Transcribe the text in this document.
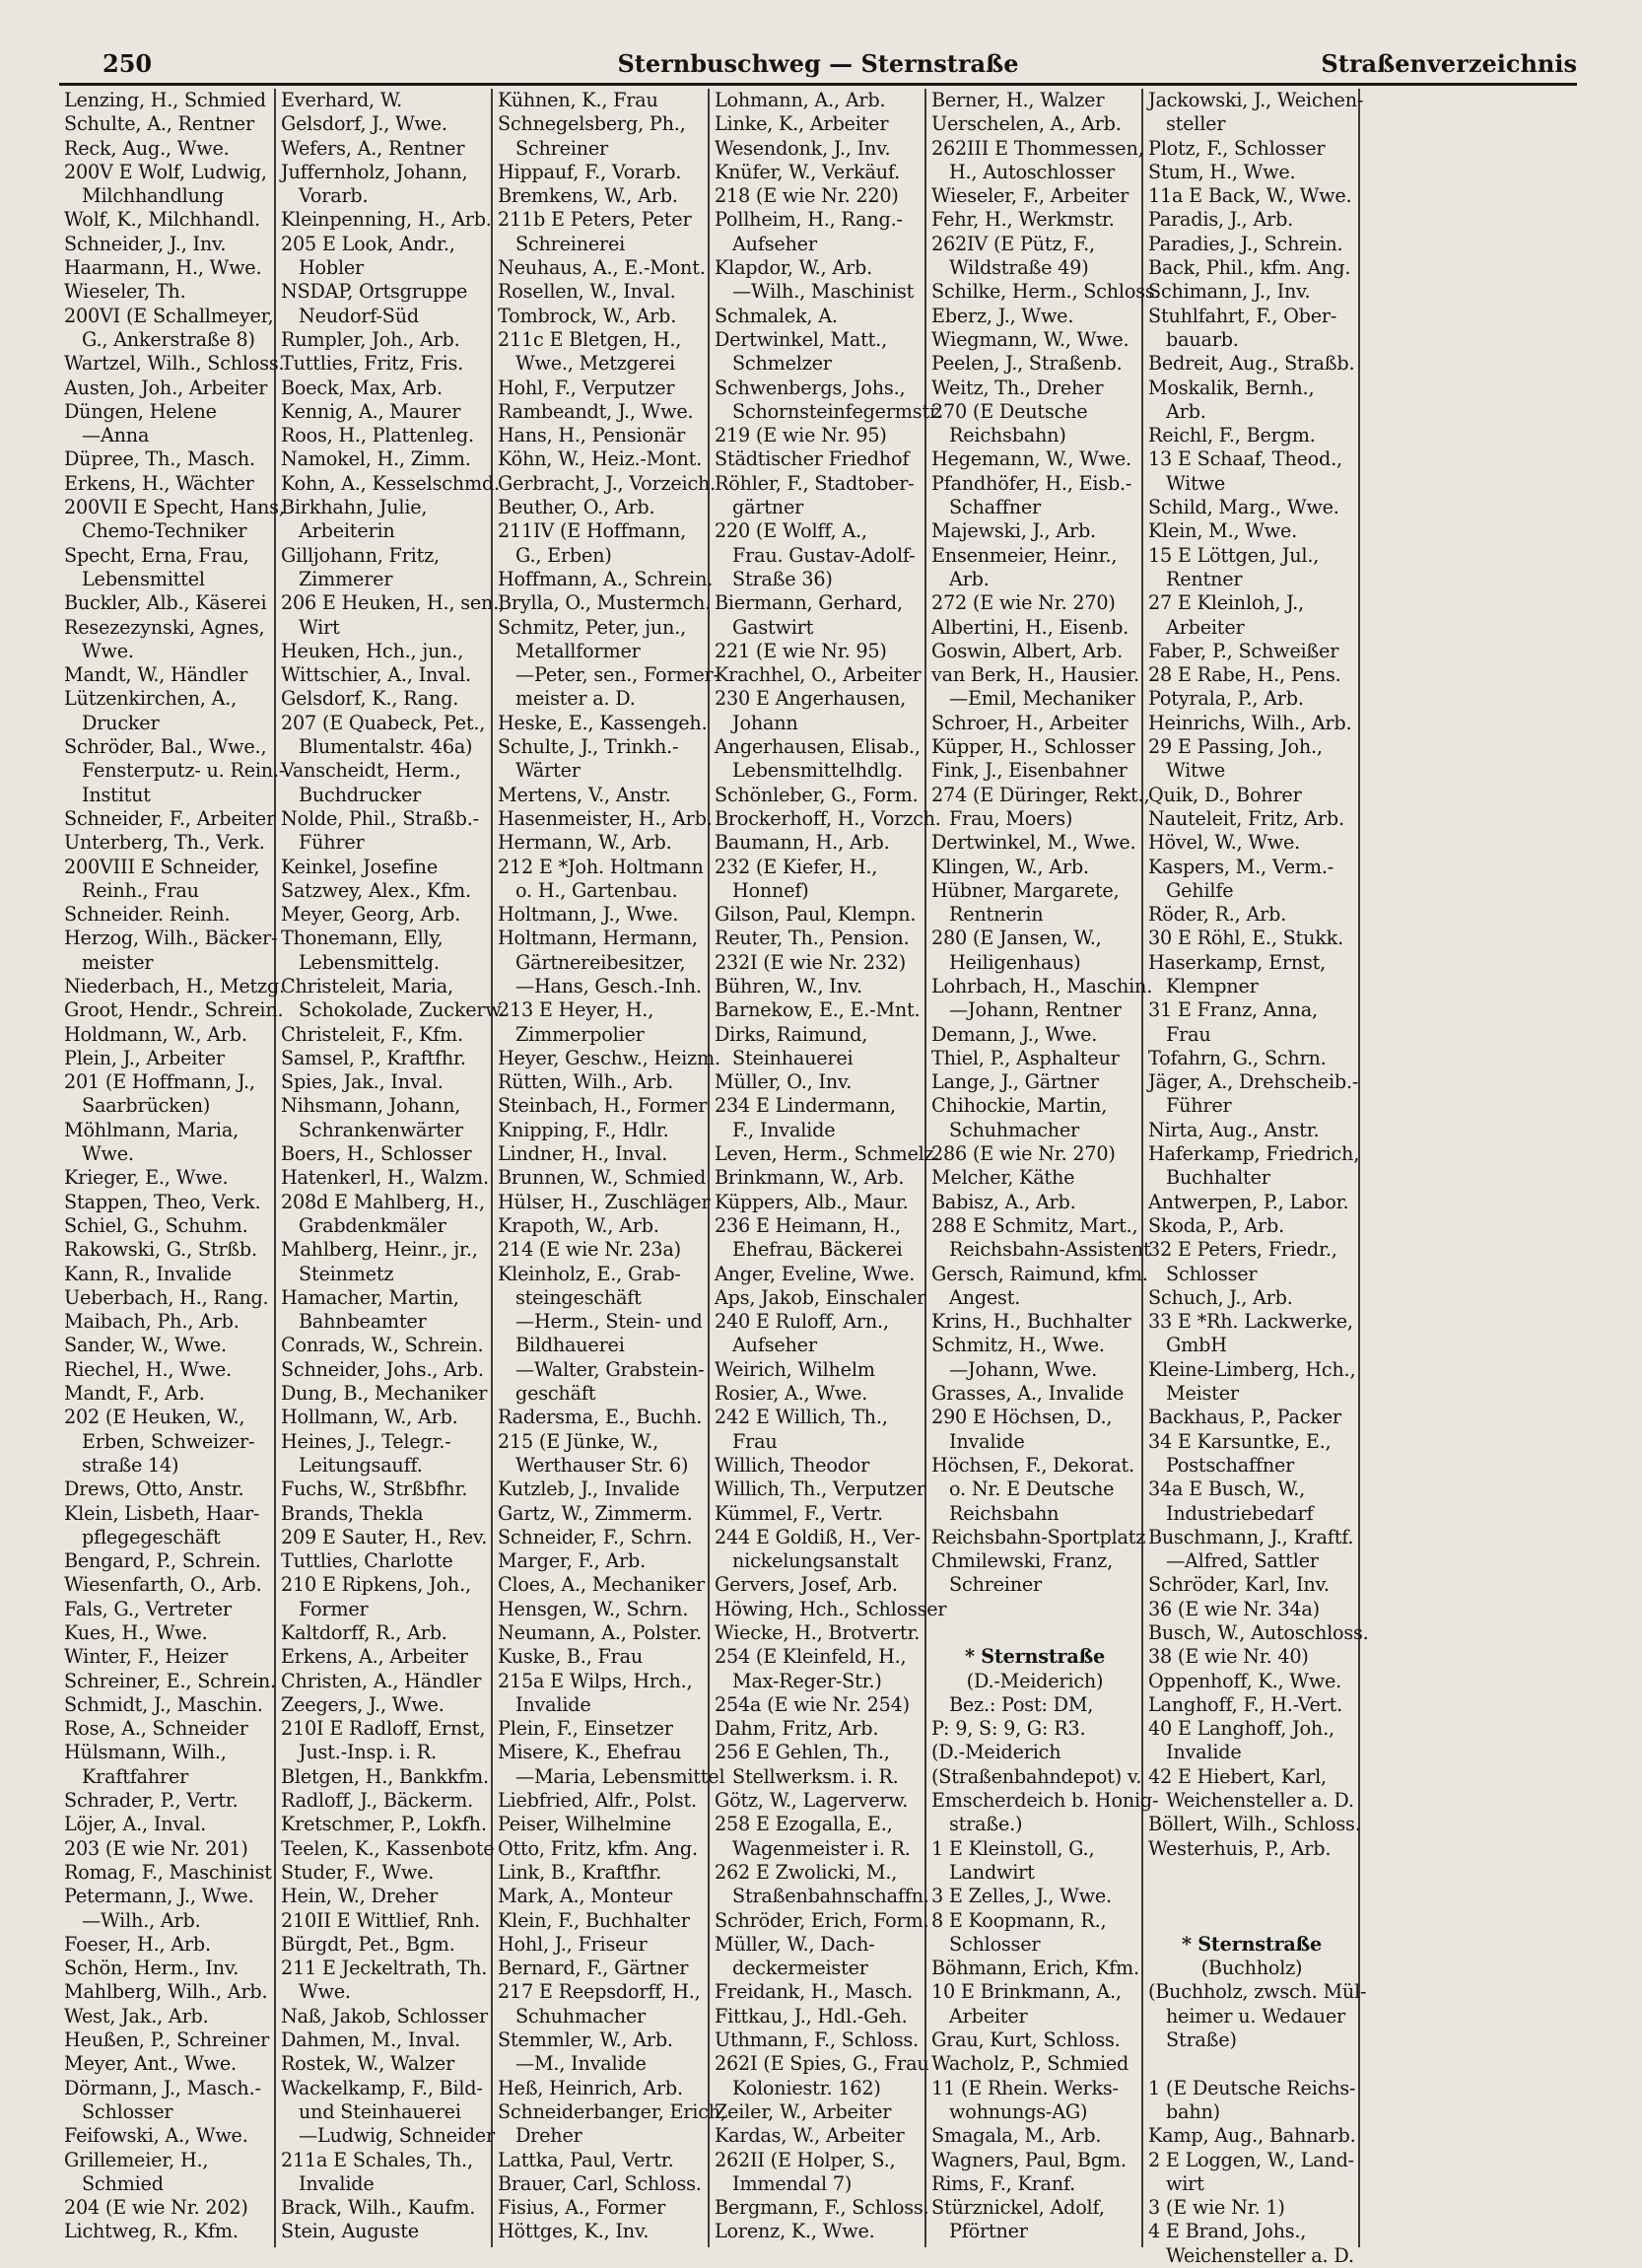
250	Sternbuschweg — Sternstraße	Straßenverzeichnis
Lenzing, H., Schmied
Schulte, A., Rentner
Reck, Aug., Wwe.
200V E Wolf, Ludwig,
Milchhandlung
Wolf, K., Milchhandl.
Schneider, J., Inv.
Haarmann, H., Wwe.
Wieseler, Th.
200VI (E Schallmeyer,
G., Ankerstraße 8)
Wartzel, Wilh., Schloss.
Austen, Joh., Arbeiter
Düngen, Helene
—Anna
Düpree, Th., Masch.
Erkens, H., Wächter
200VII E Specht, Hans,
Chemo-Techniker
Specht, Erna, Frau,
Lebensmittel
Buckler, Alb., Käserei
Resezezynski, Agnes,
Wwe.
Mandt, W., Händler
Lützenkirchen, A.,
Drucker
Schröder, Bal., Wwe.,
Fensterputz- u. Rein.-
Institut
Schneider, F., Arbeiter
Unterberg, Th., Verk.
200VIII E Schneider,
Reinh., Frau
Schneider. Reinh.
Herzog, Wilh., Bäcker-
meister
Niederbach, H., Metzg.
Groot, Hendr., Schrein.
Holdmann, W., Arb.
Plein, J., Arbeiter
201 (E Hoffmann, J.,
Saarbrücken)
Möhlmann, Maria,
Wwe.
Krieger, E., Wwe.
Stappen, Theo, Verk.
Schiel, G., Schuhm.
Rakowski, G., Strßb.
Kann, R., Invalide
Ueberbach, H., Rang.
Maibach, Ph., Arb.
Sander, W., Wwe.
Riechel, H., Wwe.
Mandt, F., Arb.
202 (E Heuken, W.,
Erben, Schweizer-
straße 14)
Drews, Otto, Anstr.
Klein, Lisbeth, Haar-
pflegegeschäft
Bengard, P., Schrein.
Wiesenfarth, O., Arb.
Fals, G., Vertreter
Kues, H., Wwe.
Winter, F., Heizer
Schreiner, E., Schrein.
Schmidt, J., Maschin.
Rose, A., Schneider
Hülsmann, Wilh.,
Kraftfahrer
Schrader, P., Vertr.
Löjer, A., Inval.
203 (E wie Nr. 201)
Romag, F., Maschinist
Petermann, J., Wwe.
—Wilh., Arb.
Foeser, H., Arb.
Schön, Herm., Inv.
Mahlberg, Wilh., Arb.
West, Jak., Arb.
Heußen, P., Schreiner
Meyer, Ant., Wwe.
Dörmann, J., Masch.-
Schlosser
Feifowski, A., Wwe.
Grillemeier, H.,
Schmied
204 (E wie Nr. 202)
Lichtweg, R., Kfm.
Everhard, W.
Gelsdorf, J., Wwe.
Wefers, A., Rentner
Juffernholz, Johann,
Vorarb.
Kleinpenning, H., Arb.
205 E Look, Andr.,
Hobler
NSDAP, Ortsgruppe
Neudorf-Süd
Rumpler, Joh., Arb.
Tuttlies, Fritz, Fris.
Boeck, Max, Arb.
Kennig, A., Maurer
Roos, H., Plattenleg.
Namokel, H., Zimm.
Kohn, A., Kesselschmd.
Birkhahn, Julie,
Arbeiterin
Gilljohann, Fritz,
Zimmerer
206 E Heuken, H., sen.,
Wirt
Heuken, Hch., jun.,
Wittschier, A., Inval.
Gelsdorf, K., Rang.
207 (E Quabeck, Pet.,
Blumentalstr. 46a)
Vanscheidt, Herm.,
Buchdrucker
Nolde, Phil., Straßb.-
Führer
Keinkel, Josefine
Satzwey, Alex., Kfm.
Meyer, Georg, Arb.
Thonemann, Elly,
Lebensmittelg.
Christeleit, Maria,
Schokolade, Zuckerw.
Christeleit, F., Kfm.
Samsel, P., Kraftfhr.
Spies, Jak., Inval.
Nihsmann, Johann,
Schrankenwärter
Boers, H., Schlosser
Hatenkerl, H., Walzm.
208d E Mahlberg, H.,
Grabdenkmäler
Mahlberg, Heinr., jr.,
Steinmetz
Hamacher, Martin,
Bahnbeamter
Conrads, W., Schrein.
Schneider, Johs., Arb.
Dung, B., Mechaniker
Hollmann, W., Arb.
Heines, J., Telegr.-
Leitungsauff.
Fuchs, W., Strßbfhr.
Brands, Thekla
209 E Sauter, H., Rev.
Tuttlies, Charlotte
210 E Ripkens, Joh.,
Former
Kaltdorff, R., Arb.
Erkens, A., Arbeiter
Christen, A., Händler
Zeegers, J., Wwe.
210I E Radloff, Ernst,
Just.-Insp. i. R.
Bletgen, H., Bankkfm.
Radloff, J., Bäckerm.
Kretschmer, P., Lokfh.
Teelen, K., Kassenbote
Studer, F., Wwe.
Hein, W., Dreher
210II E Wittlief, Rnh.
Bürgdt, Pet., Bgm.
211 E Jeckeltrath, Th.
Wwe.
Naß, Jakob, Schlosser
Dahmen, M., Inval.
Rostek, W., Walzer
Wackelkamp, F., Bild-
und Steinhauerei
—Ludwig, Schneider
211a E Schales, Th.,
Invalide
Brack, Wilh., Kaufm.
Stein, Auguste
Kühnen, K., Frau
Schnegelsberg, Ph.,
Schreiner
Hippauf, F., Vorarb.
Bremkens, W., Arb.
211b E Peters, Peter
Schreinerei
Neuhaus, A., E.-Mont.
Rosellen, W., Inval.
Tombrock, W., Arb.
211c E Bletgen, H.,
Wwe., Metzgerei
Hohl, F., Verputzer
Rambeandt, J., Wwe.
Hans, H., Pensionär
Köhn, W., Heiz.-Mont.
Gerbracht, J., Vorzeich.
Beuther, O., Arb.
211IV (E Hoffmann,
G., Erben)
Hoffmann, A., Schrein.
Brylla, O., Mustermch.
Schmitz, Peter, jun.,
Metallformer
—Peter, sen., Former-
meister a. D.
Heske, E., Kassengeh.
Schulte, J., Trinkh.-
Wärter
Mertens, V., Anstr.
Hasenmeister, H., Arb.
Hermann, W., Arb.
212 E *Joh. Holtmann
o. H., Gartenbau.
Holtmann, J., Wwe.
Holtmann, Hermann,
Gärtnereibesitzer,
—Hans, Gesch.-Inh.
213 E Heyer, H.,
Zimmerpolier
Heyer, Geschw., Heizm.
Rütten, Wilh., Arb.
Steinbach, H., Former
Knipping, F., Hdlr.
Lindner, H., Inval.
Brunnen, W., Schmied
Hülser, H., Zuschläger
Krapoth, W., Arb.
214 (E wie Nr. 23a)
Kleinholz, E., Grab-
steingeschäft
—Herm., Stein- und
Bildhauerei
—Walter, Grabstein-
geschäft
Radersma, E., Buchh.
215 (E Jünke, W.,
Werthauser Str. 6)
Kutzleb, J., Invalide
Gartz, W., Zimmerm.
Schneider, F., Schrn.
Marger, F., Arb.
Cloes, A., Mechaniker
Hensgen, W., Schrn.
Neumann, A., Polster.
Kuske, B., Frau
215a E Wilps, Hrch.,
Invalide
Plein, F., Einsetzer
Misere, K., Ehefrau
—Maria, Lebensmittel
Liebfried, Alfr., Polst.
Peiser, Wilhelmine
Otto, Fritz, kfm. Ang.
Link, B., Kraftfhr.
Mark, A., Monteur
Klein, F., Buchhalter
Hohl, J., Friseur
Bernard, F., Gärtner
217 E Reepsdorff, H.,
Schuhmacher
Stemmler, W., Arb.
—M., Invalide
Heß, Heinrich, Arb.
Schneiderbanger, Erich,
Dreher
Lattka, Paul, Vertr.
Brauer, Carl, Schloss.
Fisius, A., Former
Höttges, K., Inv.
Lohmann, A., Arb.
Linke, K., Arbeiter
Wesendonk, J., Inv.
Knüfer, W., Verkäuf.
218 (E wie Nr. 220)
Pollheim, H., Rang.-
Aufseher
Klapdor, W., Arb.
—Wilh., Maschinist
Schmalek, A.
Dertwinkel, Matt.,
Schmelzer
Schwenbergs, Johs.,
Schornsteinfegermstr.
219 (E wie Nr. 95)
Städtischer Friedhof
Röhler, F., Stadtober-
gärtner
220 (E Wolff, A.,
Frau. Gustav-Adolf-
Straße 36)
Biermann, Gerhard,
Gastwirt
221 (E wie Nr. 95)
Krachhel, O., Arbeiter
230 E Angerhausen,
Johann
Angerhausen, Elisab.,
Lebensmittelhdlg.
Schönleber, G., Form.
Brockerhoff, H., Vorzch.
Baumann, H., Arb.
232 (E Kiefer, H.,
Honnef)
Gilson, Paul, Klempn.
Reuter, Th., Pension.
232I (E wie Nr. 232)
Bühren, W., Inv.
Barnekow, E., E.-Mnt.
Dirks, Raimund,
Steinhauerei
Müller, O., Inv.
234 E Lindermann,
F., Invalide
Leven, Herm., Schmelz.
Brinkmann, W., Arb.
Küppers, Alb., Maur.
236 E Heimann, H.,
Ehefrau, Bäckerei
Anger, Eveline, Wwe.
Aps, Jakob, Einschaler
240 E Ruloff, Arn.,
Aufseher
Weirich, Wilhelm
Rosier, A., Wwe.
242 E Willich, Th.,
Frau
Willich, Theodor
Willich, Th., Verputzer
Kümmel, F., Vertr.
244 E Goldiß, H., Ver-
nickelungsanstalt
Gervers, Josef, Arb.
Höwing, Hch., Schlosser
Wiecke, H., Brotvertr.
254 (E Kleinfeld, H.,
Max-Reger-Str.)
254a (E wie Nr. 254)
Dahm, Fritz, Arb.
256 E Gehlen, Th.,
Stellwerksm. i. R.
Götz, W., Lagerverw.
258 E Ezogalla, E.,
Wagenmeister i. R.
262 E Zwolicki, M.,
Straßenbahnschaffn.
Schröder, Erich, Form.
Müller, W., Dach-
deckermeister
Freidank, H., Masch.
Fittkau, J., Hdl.-Geh.
Uthmann, F., Schloss.
262I (E Spies, G., Frau
Koloniestr. 162)
Zeiler, W., Arbeiter
Kardas, W., Arbeiter
262II (E Holper, S.,
Immendal 7)
Bergmann, F., Schloss.
Lorenz, K., Wwe.
Berner, H., Walzer
Uerschelen, A., Arb.
262III E Thommessen,
H., Autoschlosser
Wieseler, F., Arbeiter
Fehr, H., Werkmstr.
262IV (E Pütz, F.,
Wildstraße 49)
Schilke, Herm., Schloss.
Eberz, J., Wwe.
Wiegmann, W., Wwe.
Peelen, J., Straßenb.
Weitz, Th., Dreher
270 (E Deutsche
Reichsbahn)
Hegemann, W., Wwe.
Pfandhöfer, H., Eisb.-
Schaffner
Majewski, J., Arb.
Ensenmeier, Heinr.,
Arb.
272 (E wie Nr. 270)
Albertini, H., Eisenb.
Goswin, Albert, Arb.
van Berk, H., Hausier.
—Emil, Mechaniker
Schroer, H., Arbeiter
Küpper, H., Schlosser
Fink, J., Eisenbahner
274 (E Düringer, Rekt.,
Frau, Moers)
Dertwinkel, M., Wwe.
Klingen, W., Arb.
Hübner, Margarete,
Rentnerin
280 (E Jansen, W.,
Heiligenhaus)
Lohrbach, H., Maschin.
—Johann, Rentner
Demann, J., Wwe.
Thiel, P., Asphalteur
Lange, J., Gärtner
Chihockie, Martin,
Schuhmacher
286 (E wie Nr. 270)
Melcher, Käthe
Babisz, A., Arb.
288 E Schmitz, Mart.,
Reichsbahn-Assistent
Gersch, Raimund, kfm.
Angest.
Krins, H., Buchhalter
Schmitz, H., Wwe.
—Johann, Wwe.
Grasses, A., Invalide
290 E Höchsen, D.,
Invalide
Höchsen, F., Dekorat.
o. Nr. E Deutsche
Reichsbahn
Reichsbahn-Sportplatz
Chmilewski, Franz,
Schreiner
* Sternstraße
(D.-Meiderich)
Bez.: Post: DM,
P: 9, S: 9, G: R3.
(D.-Meiderich
(Straßenbahndepot) v.
Emscherdeich b. Honig-
straße.)
1 E Kleinstoll, G.,
Landwirt
3 E Zelles, J., Wwe.
8 E Koopmann, R.,
Schlosser
Böhmann, Erich, Kfm.
10 E Brinkmann, A.,
Arbeiter
Grau, Kurt, Schloss.
Wacholz, P., Schmied
11 (E Rhein. Werks-
wohnungs-AG)
Smagala, M., Arb.
Wagners, Paul, Bgm.
Rims, F., Kranf.
Stürznickel, Adolf,
Pförtner
Jackowski, J., Weichen-
steller
Plotz, F., Schlosser
Stum, H., Wwe.
11a E Back, W., Wwe.
Paradis, J., Arb.
Paradies, J., Schrein.
Back, Phil., kfm. Ang.
Schimann, J., Inv.
Stuhlfahrt, F., Ober-
bauarb.
Bedreit, Aug., Straßb.
Moskalik, Bernh.,
Arb.
Reichl, F., Bergm.
13 E Schaaf, Theod.,
Witwe
Schild, Marg., Wwe.
Klein, M., Wwe.
15 E Löttgen, Jul.,
Rentner
27 E Kleinloh, J.,
Arbeiter
Faber, P., Schweißer
28 E Rabe, H., Pens.
Potyrala, P., Arb.
Heinrichs, Wilh., Arb.
29 E Passing, Joh.,
Witwe
Quik, D., Bohrer
Nauteleit, Fritz, Arb.
Hövel, W., Wwe.
Kaspers, M., Verm.-
Gehilfe
Röder, R., Arb.
30 E Röhl, E., Stukk.
Haserkamp, Ernst,
Klempner
31 E Franz, Anna,
Frau
Tofahrn, G., Schrn.
Jäger, A., Drehscheib.-
Führer
Nirta, Aug., Anstr.
Haferkamp, Friedrich,
Buchhalter
Antwerpen, P., Labor.
Skoda, P., Arb.
32 E Peters, Friedr.,
Schlosser
Schuch, J., Arb.
33 E *Rh. Lackwerke,
GmbH
Kleine-Limberg, Hch.,
Meister
Backhaus, P., Packer
34 E Karsuntke, E.,
Postschaffner
34a E Busch, W.,
Industriebedarf
Buschmann, J., Kraftf.
—Alfred, Sattler
Schröder, Karl, Inv.
36 (E wie Nr. 34a)
Busch, W., Autoschloss.
38 (E wie Nr. 40)
Oppenhoff, K., Wwe.
Langhoff, F., H.-Vert.
40 E Langhoff, Joh.,
Invalide
42 E Hiebert, Karl,
Weichensteller a. D.
Böllert, Wilh., Schloss.
Westerhuis, P., Arb.
* Sternstraße
(Buchholz)
(Buchholz, zwsch. Mül-
heimer u. Wedauer
Straße)
1 (E Deutsche Reichs-
bahn)
Kamp, Aug., Bahnarb.
2 E Loggen, W., Land-
wirt
3 (E wie Nr. 1)
4 E Brand, Johs.,
Weichensteller a. D.
